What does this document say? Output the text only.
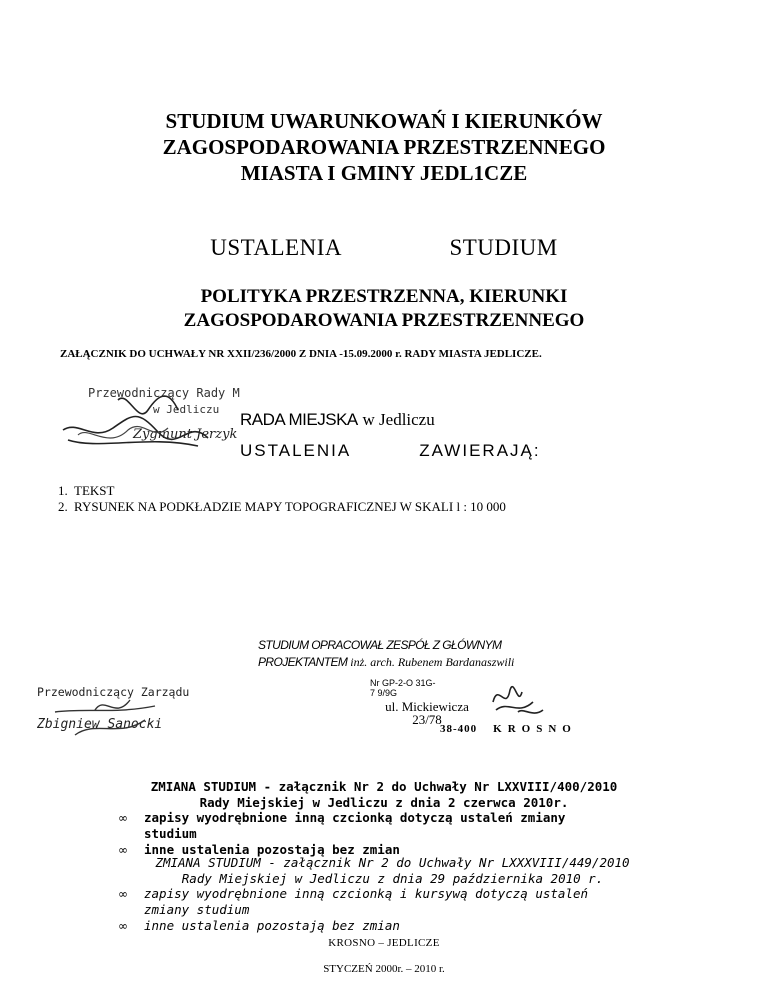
STUDIUM UWARUNKOWAŃ I KIERUNKÓW
ZAGOSPODAROWANIA PRZESTRZENNEGO
MIASTA I GMINY JEDL1CZE
USTALENIA   STUDIUM
POLITYKA PRZESTRZENNA, KIERUNKI
ZAGOSPODAROWANIA PRZESTRZENNEGO
ZAŁĄCZNIK DO UCHWAŁY NR XXII/236/2000 Z DNIA -15.09.2000 r. RADY MIASTA JEDLICZE.
Przewodniczący Rady M
w Jedliczu
Zygmunt Jerzyk
RADA MIEJSKA w Jedliczu
USTALENIA	ZAWIERAJĄ:
1. TEKST
2. RYSUNEK NA PODKŁADZIE MAPY TOPOGRAFICZNEJ W SKALI l : 10 000
STUDIUM OPRACOWAŁ ZESPÓŁ Z GŁÓWNYM
PROJEKTANTEM inż. arch. Rubenem Bardanaszwili
Przewodniczący Zarządu
Zbigniew Sanocki
Nr GP-2-O 31G-
7 9/9G
ul. Mickiewicza
23/78
38-400 KROSNO
ZMIANA STUDIUM - załącznik Nr 2 do Uchwały Nr LXXVIII/400/2010
Rady Miejskiej w Jedliczu z dnia 2 czerwca 2010r.
∞ zapisy wyodrębnione inną czcionką dotyczą ustaleń zmiany studium
∞ inne ustalenia pozostają bez zmian
ZMIANA STUDIUM - załącznik Nr 2 do Uchwały Nr LXXXVIII/449/2010
Rady Miejskiej w Jedliczu z dnia 29 października 2010 r.
∞ zapisy wyodrębnione inną czcionką i kursywą dotyczą ustaleń zmiany studium
∞ inne ustalenia pozostają bez zmian
KROSNO – JEDLICZE
STYCZEŃ 2000r. – 2010 r.
